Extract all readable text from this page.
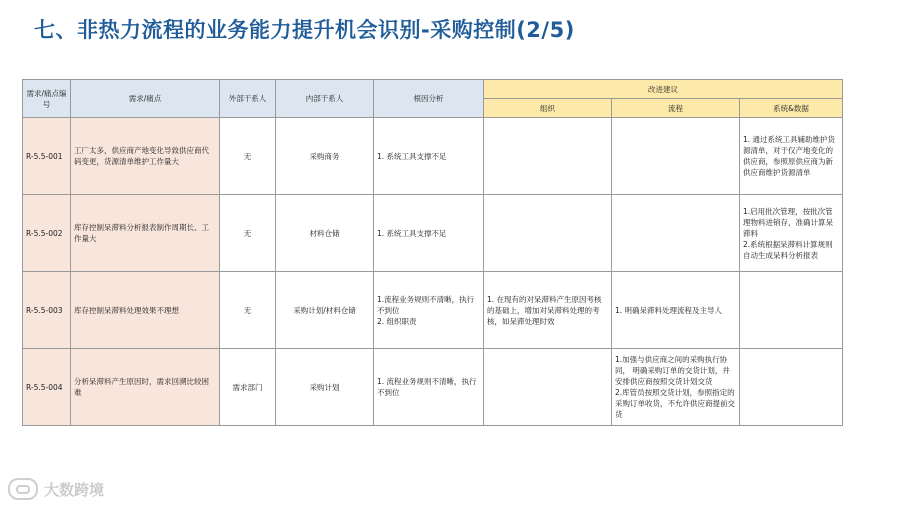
七、非热力流程的业务能力提升机会识别-采购控制(2/5)
需求/痛点编号	需求/痛点	外部干系人	内部干系人	根因分析	改进建议		
					组织	流程	系统&数据
R-5.5-001	工厂太多，供应商产地变化导致供应商代码变更，货源清单维护工作量大	无	采购商务	1. 系统工具支撑不足			1. 通过系统工具辅助维护货源清单，对于仅产地变化的供应商，参照原供应商为新供应商维护货源清单
R-5.5-002	库存控制呆滞料分析报表制作周期长、工作量大	无	材料仓储	1. 系统工具支撑不足			1.启用批次管理，按批次管理物料进销存，准确计算呆滞料
2.系统根据呆滞料计算规则自动生成呆料分析报表
R-5.5-003	库存控制呆滞料处理效果不理想	无	采购计划/材料仓储	1.流程业务规则不清晰，执行不到位
2. 组织职责	1. 在现有的对呆滞料产生原因考核的基础上，增加对呆滞料处理的考核，如呆滞处理时效	1. 明确呆滞料处理流程及主导人	
R-5.5-004	分析呆滞料产生原因时，需求回溯比较困难	需求部门	采购计划	1. 流程业务规则不清晰，执行不到位		1.加强与供应商之间的采购执行协同， 明确采购订单的交货计划，并安排供应商按照交货计划交货
2.库管员按照交货计划，参照指定的采购订单收货，不允许供应商提前交货	
大数跨境
